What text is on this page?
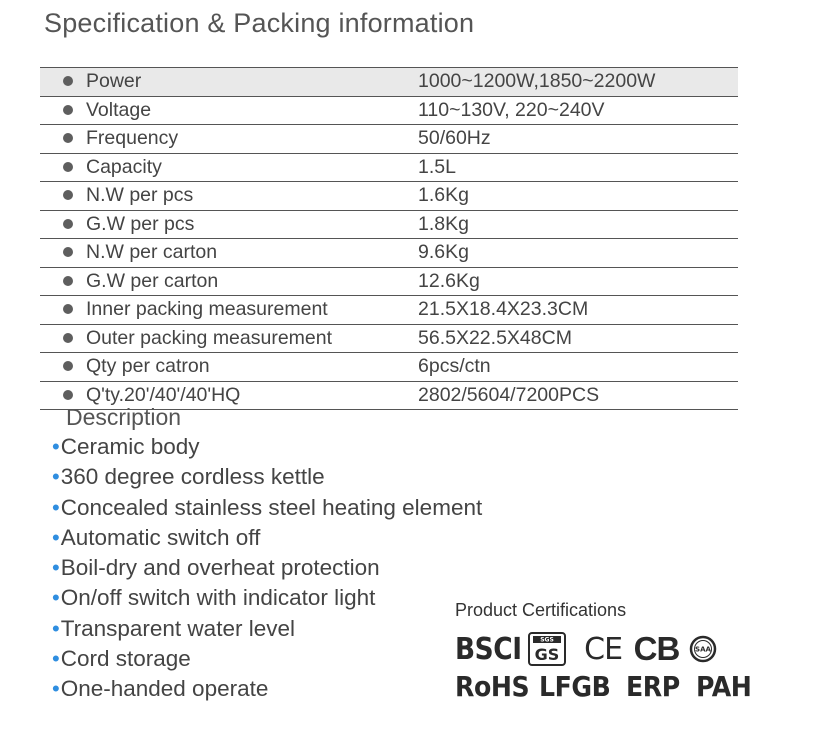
Specification & Packing information
Power	1000~1200W,1850~2200W
Voltage	110~130V, 220~240V
Frequency	50/60Hz
Capacity	1.5L
N.W per pcs	1.6Kg
G.W per pcs	1.8Kg
N.W per carton	9.6Kg
G.W per carton	12.6Kg
Inner packing measurement	21.5X18.4X23.3CM
Outer packing measurement	56.5X22.5X48CM
Qty per catron	6pcs/ctn
Q'ty.20'/40'/40'HQ	2802/5604/7200PCS
Description
•Ceramic body
•360 degree cordless kettle
•Concealed stainless steel heating element
•Automatic switch off
•Boil-dry and overheat protection
•On/off switch with indicator light
•Transparent water level
•Cord storage
•One-handed operate
Product Certifications
BSCI	SGS
GS CE CB SAA
RoHS LFGB ERP PAH
